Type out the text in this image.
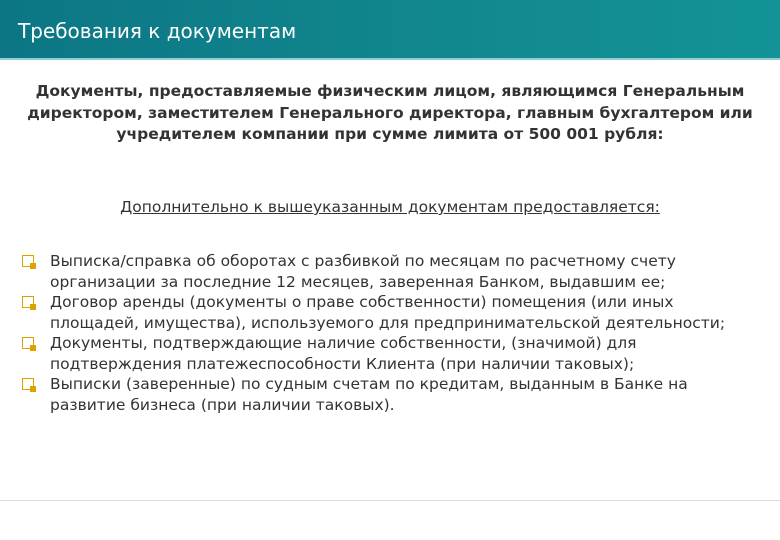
Требования к документам
Документы, предоставляемые физическим лицом, являющимся Генеральным директором, заместителем Генерального директора, главным бухгалтером или учредителем компании при сумме лимита от 500 001 рубля:
Дополнительно к вышеуказанным документам предоставляется:
Выписка/справка об оборотах с разбивкой по месяцам по расчетному счету организации за последние 12 месяцев, заверенная Банком, выдавшим ее;
Договор аренды (документы о праве собственности) помещения (или иных площадей, имущества), используемого для предпринимательской деятельности;
Документы, подтверждающие наличие собственности, (значимой) для подтверждения платежеспособности Клиента (при наличии таковых);
Выписки (заверенные) по судным счетам по кредитам, выданным в Банке на развитие бизнеса (при наличии таковых).
